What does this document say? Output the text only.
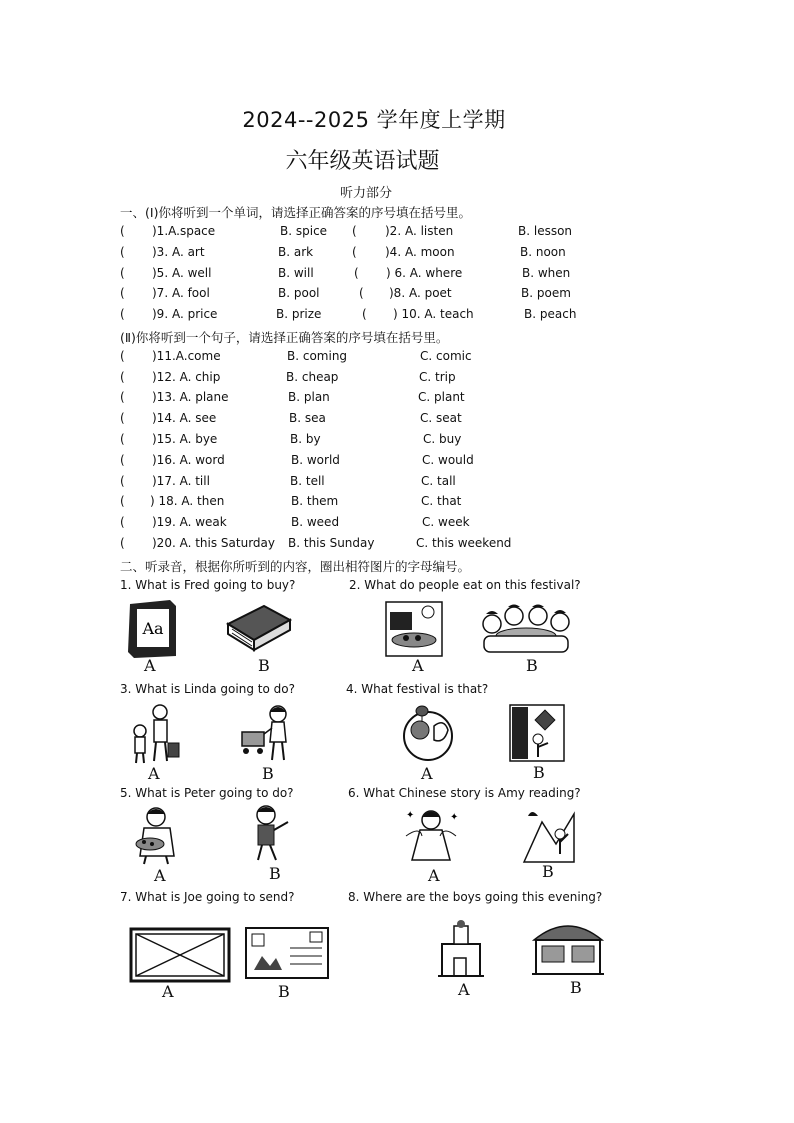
2024--2025 学年度上学期
六年级英语试题
听力部分
一、(Ⅰ)你将听到一个单词，请选择正确答案的序号填在括号里。
( )1.A.space	B. spice ( )2. A. listen	B. lesson
( )3. A. art	B. ark	( )4. A. moon	B. noon
( )5. A. well	B. will	( ) 6. A. where	B. when
( )7. A. fool	B. pool	( )8. A. poet	B. poem
( )9. A. price	B. prize	( ) 10. A. teach	B. peach
(Ⅱ)你将听到一个句子，请选择正确答案的序号填在括号里。
( )11.A.come	B. coming	C. comic
( )12. A. chip	B. cheap	C. trip
( )13. A. plane	B. plan	C. plant
( )14. A. see	B. sea	C. seat
( )15. A. bye	B. by	C. buy
( )16. A. word	B. world	C. would
( )17. A. till	B. tell	C. tall
( ) 18. A. then	B. them	C. that
( )19. A. weak	B. weed	C. week
( )20. A. this Saturday B. this Sunday	C. this weekend
二、听录音，根据你所听到的内容，圈出相符图片的字母编号。
1. What is Fred going to buy?
Aa
A	B
2. What do people eat on this festival?
A	B
3. What is Linda going to do?
A	B
4. What festival is that?
A	B
5. What is Peter going to do?
A	B
6. What Chinese story is Amy reading?
✦	✦
A	B
7. What is Joe going to send?
A	B
8. Where are the boys going this evening?
A	B
